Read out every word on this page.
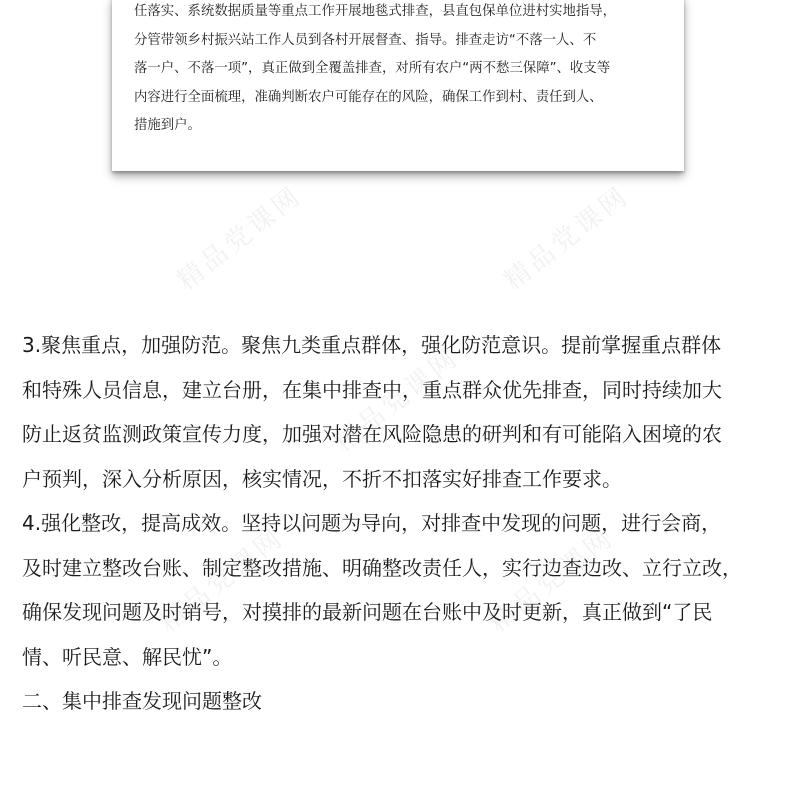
任落实、系统数据质量等重点工作开展地毯式排查，县直包保单位进村实地指导，
分管带领乡村振兴站工作人员到各村开展督查、指导。排查走访“不落一人、不
落一户、不落一项”，真正做到全覆盖排查，对所有农户“两不愁三保障”、收支等
内容进行全面梳理，准确判断农户可能存在的风险，确保工作到村、责任到人、
措施到户。
3.聚焦重点，加强防范。聚焦九类重点群体，强化防范意识。提前掌握重点群体
和特殊人员信息，建立台册，在集中排查中，重点群众优先排查，同时持续加大
防止返贫监测政策宣传力度，加强对潜在风险隐患的研判和有可能陷入困境的农
户预判，深入分析原因，核实情况，不折不扣落实好排查工作要求。
4.强化整改，提高成效。坚持以问题为导向，对排查中发现的问题，进行会商，
及时建立整改台账、制定整改措施、明确整改责任人，实行边查边改、立行立改，
确保发现问题及时销号，对摸排的最新问题在台账中及时更新，真正做到“了民
情、听民意、解民忧”。
二、集中排查发现问题整改
精品党课网	精品党课网
精品党课网
精品党课网	精品党课网
